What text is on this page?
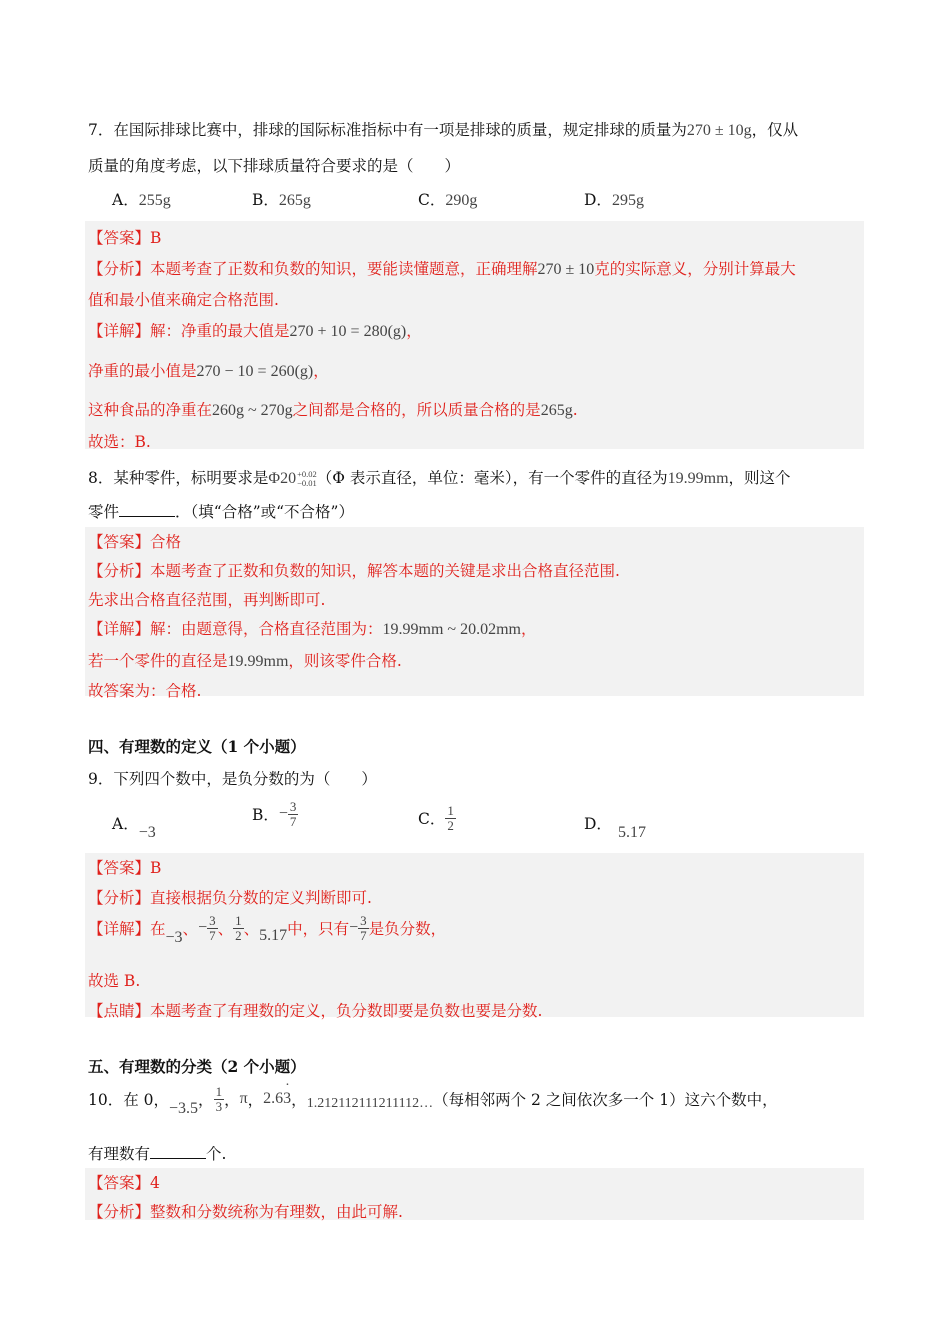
7．在国际排球比赛中，排球的国际标准指标中有一项是排球的质量，规定排球的质量为270 ± 10g，仅从
质量的角度考虑，以下排球质量符合要求的是（　　）
A．255g	B．265g	C．290g	D．295g
【答案】B
【分析】本题考查了正数和负数的知识，要能读懂题意，正确理解270 ± 10克的实际意义，分别计算最大
值和最小值来确定合格范围.
【详解】解：净重的最大值是270 + 10 = 280(g)，
净重的最小值是270 − 10 = 260(g)，
这种食品的净重在260g ~ 270g之间都是合格的，所以质量合格的是265g.
故选：B.
8．某种零件，标明要求是Φ20 +0.02
−0.01 （Φ 表示直径，单位：毫米），有一个零件的直径为19.99mm，则这个
零件	．（填“合格”或“不合格”）
【答案】合格
【分析】本题考查了正数和负数的知识，解答本题的关键是求出合格直径范围.
先求出合格直径范围，再判断即可.
【详解】解：由题意得，合格直径范围为：19.99mm ~ 20.02mm，
若一个零件的直径是19.99mm，则该零件合格.
故答案为：合格.
四、有理数的定义（1 个小题）
9．下列四个数中，是负分数的为（　　）
A．−3
B．− $\frac{3}{7}$	C． $\frac{1}{2}$	D． 5.17
【答案】B
【分析】直接根据负分数的定义判断即可.
【详解】在−3、− $\frac{3}{7}$ 、 $\frac{1}{2}$ 、5.17中，只有− $\frac{3}{7}$ 是负分数，
故选 B.
【点睛】本题考查了有理数的定义，负分数即要是负数也要是分数.
五、有理数的分类（2 个小题）
10．在 0，−3.5， $\frac{1}{3}$ ，π，2.63
·
，1.212112111211112…（每相邻两个 2 之间依次多一个 1）这六个数中，
有理数有	个.
【答案】4
【分析】整数和分数统称为有理数，由此可解.
